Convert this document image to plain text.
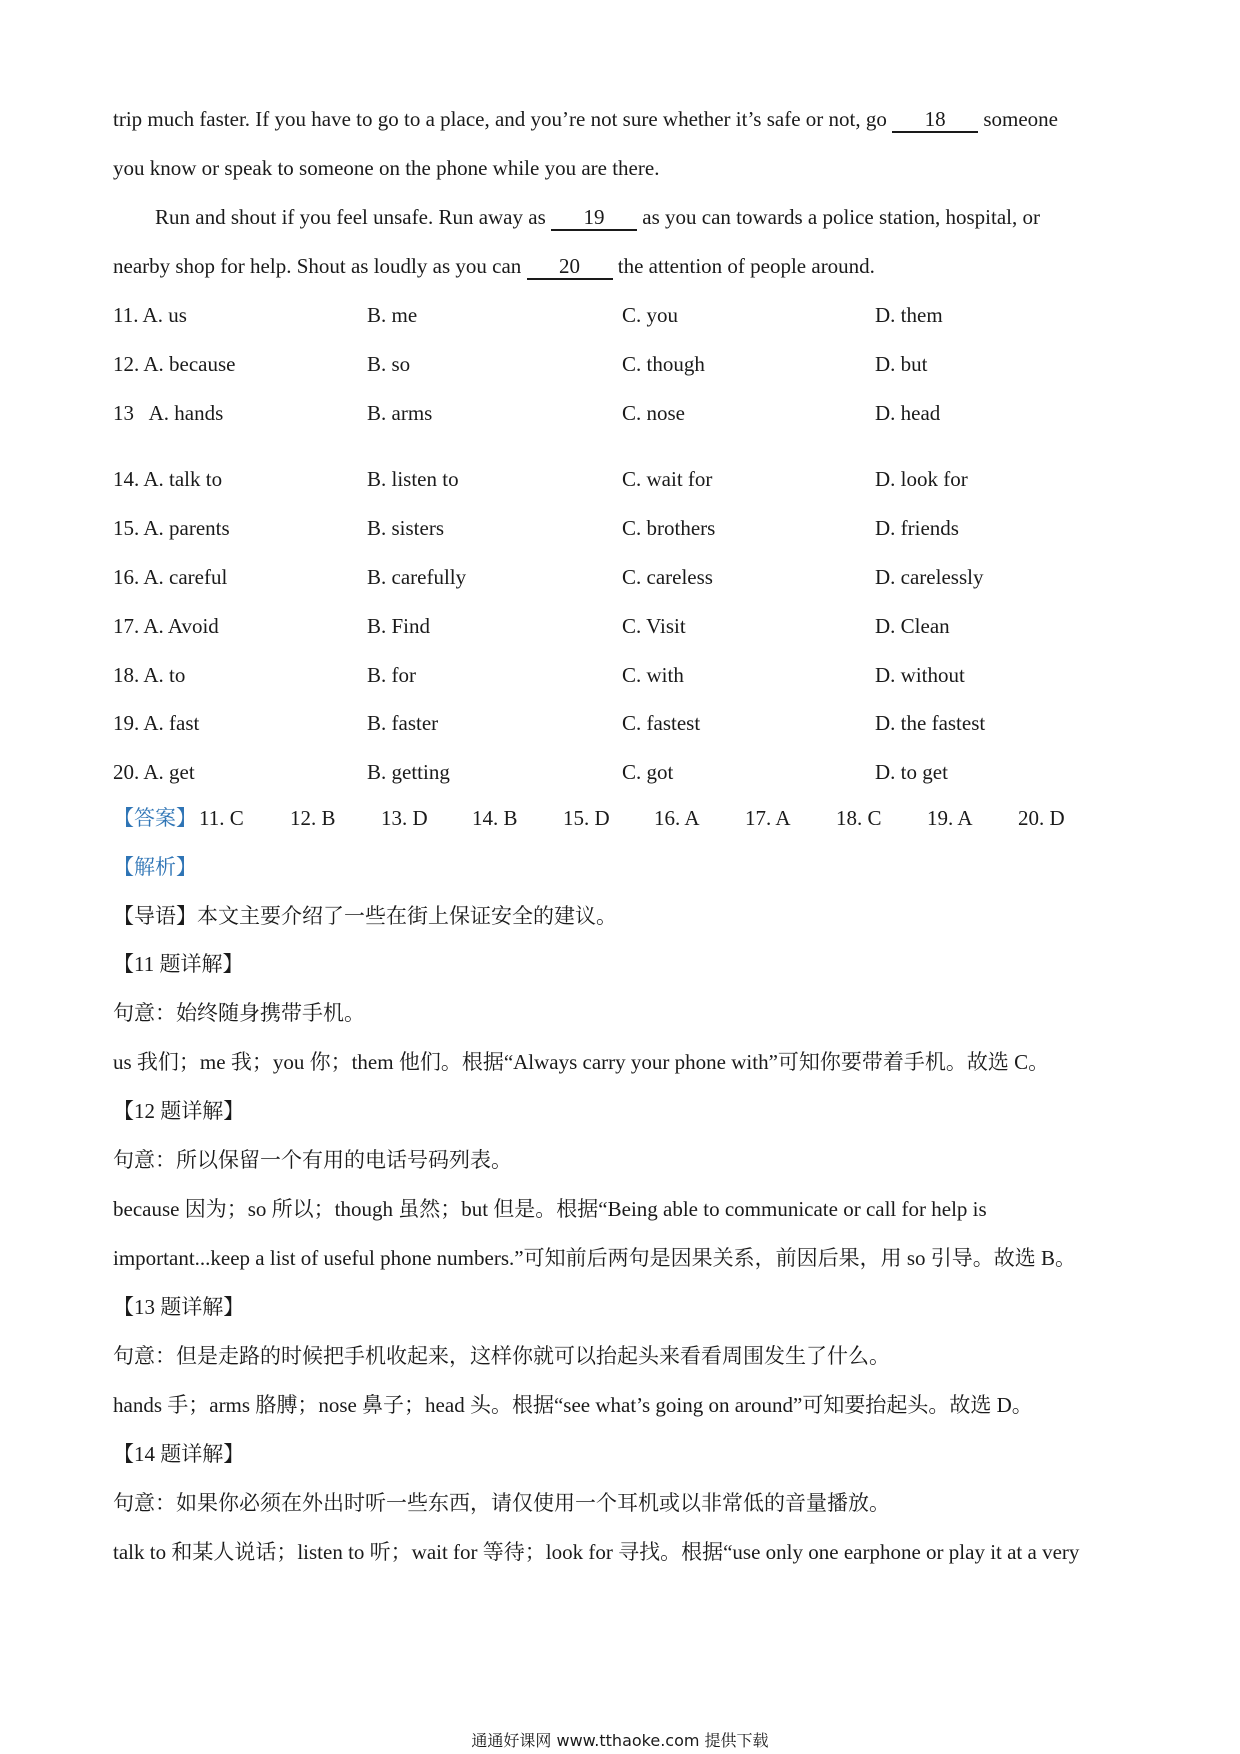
trip much faster. If you have to go to a place, and you’re not sure whether it’s safe or not, go 18 someone
you know or speak to someone on the phone while you are there.
Run and shout if you feel unsafe. Run away as 19 as you can towards a police station, hospital, or
nearby shop for help. Shout as loudly as you can 20 the attention of people around.
11. A. us	B. me	C. you	D. them
12. A. because	B. so	C. though	D. but
13   A. hands	B. arms	C. nose	D. head
14. A. talk to	B. listen to	C. wait for	D. look for
15. A. parents	B. sisters	C. brothers	D. friends
16. A. careful	B. carefully	C. careless	D. carelessly
17. A. Avoid	B. Find	C. Visit	D. Clean
18. A. to	B. for	C. with	D. without
19. A. fast	B. faster	C. fastest	D. the fastest
20. A. get	B. getting	C. got	D. to get
【答案】 11. C 12. B 13. D 14. B 15. D 16. A 17. A 18. C 19. A 20. D
【解析】
【导语】本文主要介绍了一些在街上保证安全的建议。
【11 题详解】
句意：始终随身携带手机。
us 我们；me 我；you 你；them 他们。根据“Always carry your phone with”可知你要带着手机。故选 C。
【12 题详解】
句意：所以保留一个有用的电话号码列表。
because 因为；so 所以；though 虽然；but 但是。根据“Being able to communicate or call for help is
important...keep a list of useful phone numbers.”可知前后两句是因果关系，前因后果，用 so 引导。故选 B。
【13 题详解】
句意：但是走路的时候把手机收起来，这样你就可以抬起头来看看周围发生了什么。
hands 手；arms 胳膊；nose 鼻子；head 头。根据“see what’s going on around”可知要抬起头。故选 D。
【14 题详解】
句意：如果你必须在外出时听一些东西，请仅使用一个耳机或以非常低的音量播放。
talk to 和某人说话；listen to 听；wait for 等待；look for 寻找。根据“use only one earphone or play it at a very
通通好课网 www.tthaoke.com 提供下载
